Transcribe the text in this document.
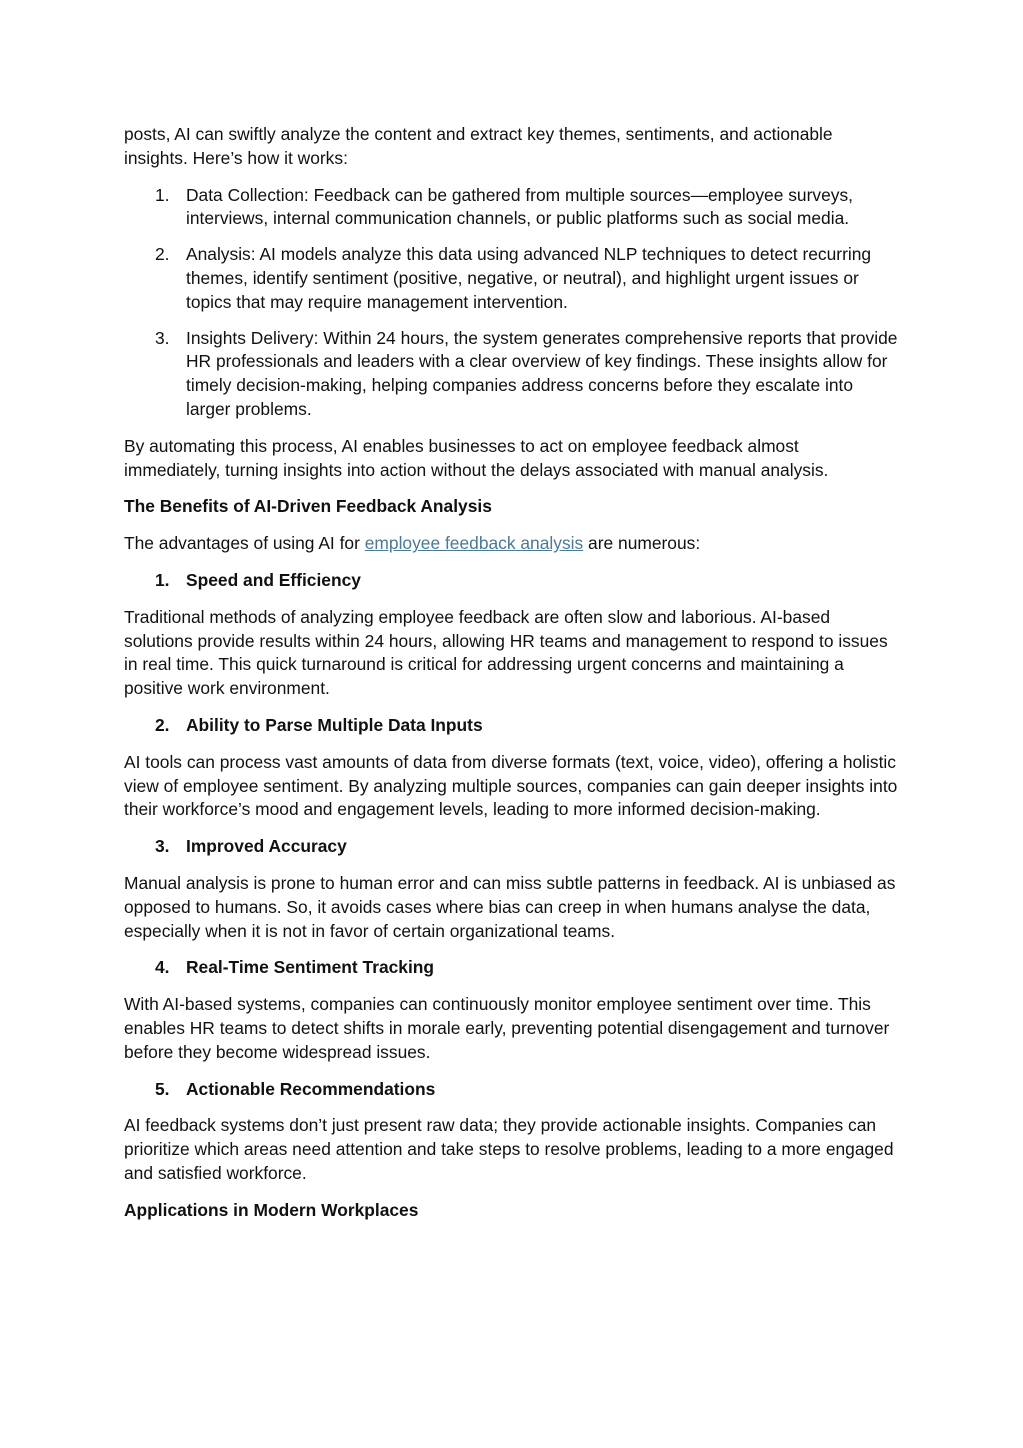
posts, AI can swiftly analyze the content and extract key themes, sentiments, and actionable insights. Here’s how it works:

1. Data Collection: Feedback can be gathered from multiple sources—employee surveys, interviews, internal communication channels, or public platforms such as social media.
2. Analysis: AI models analyze this data using advanced NLP techniques to detect recurring themes, identify sentiment (positive, negative, or neutral), and highlight urgent issues or topics that may require management intervention.
3. Insights Delivery: Within 24 hours, the system generates comprehensive reports that provide HR professionals and leaders with a clear overview of key findings. These insights allow for timely decision-making, helping companies address concerns before they escalate into larger problems.

By automating this process, AI enables businesses to act on employee feedback almost immediately, turning insights into action without the delays associated with manual analysis.

The Benefits of AI-Driven Feedback Analysis

The advantages of using AI for employee feedback analysis are numerous:

1. Speed and Efficiency

Traditional methods of analyzing employee feedback are often slow and laborious. AI-based solutions provide results within 24 hours, allowing HR teams and management to respond to issues in real time. This quick turnaround is critical for addressing urgent concerns and maintaining a positive work environment.

2. Ability to Parse Multiple Data Inputs

AI tools can process vast amounts of data from diverse formats (text, voice, video), offering a holistic view of employee sentiment. By analyzing multiple sources, companies can gain deeper insights into their workforce’s mood and engagement levels, leading to more informed decision-making.

3. Improved Accuracy

Manual analysis is prone to human error and can miss subtle patterns in feedback. AI is unbiased as opposed to humans. So, it avoids cases where bias can creep in when humans analyse the data, especially when it is not in favor of certain organizational teams.

4. Real-Time Sentiment Tracking

With AI-based systems, companies can continuously monitor employee sentiment over time. This enables HR teams to detect shifts in morale early, preventing potential disengagement and turnover before they become widespread issues.

5. Actionable Recommendations

AI feedback systems don’t just present raw data; they provide actionable insights. Companies can prioritize which areas need attention and take steps to resolve problems, leading to a more engaged and satisfied workforce.

Applications in Modern Workplaces
